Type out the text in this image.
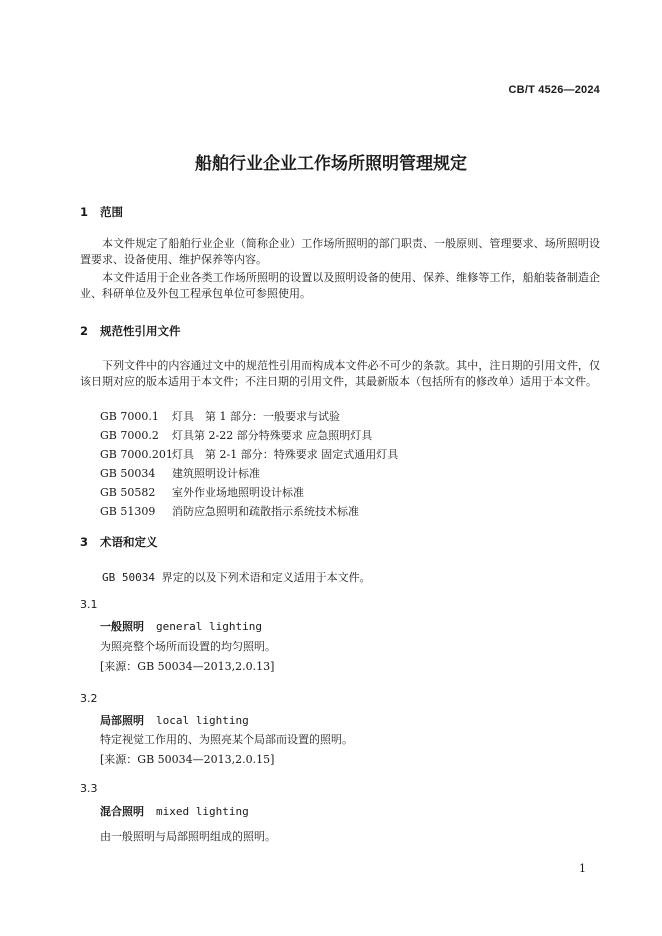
CB/T 4526—2024
船舶行业企业工作场所照明管理规定
1 范围
本文件规定了船舶行业企业（简称企业）工作场所照明的部门职责、一般原则、管理要求、场所照明设置要求、设备使用、维护保养等内容。
本文件适用于企业各类工作场所照明的设置以及照明设备的使用、保养、维修等工作，船舶装备制造企业、科研单位及外包工程承包单位可参照使用。
2 规范性引用文件
下列文件中的内容通过文中的规范性引用而构成本文件必不可少的条款。其中，注日期的引用文件，仅该日期对应的版本适用于本文件；不注日期的引用文件，其最新版本（包括所有的修改单）适用于本文件。
GB 7000.1 灯具　第 1 部分：一般要求与试验
GB 7000.2 灯具第 2-22 部分特殊要求 应急照明灯具
GB 7000.201灯具　第 2-1 部分：特殊要求 固定式通用灯具
GB 50034 建筑照明设计标准
GB 50582 室外作业场地照明设计标准
GB 51309 消防应急照明和疏散指示系统技术标准
3 术语和定义
GB 50034 界定的以及下列术语和定义适用于本文件。
3.1
一般照明 general lighting
为照亮整个场所而设置的均匀照明。
[来源：GB 50034—2013,2.0.13]
3.2
局部照明 local lighting
特定视觉工作用的、为照亮某个局部而设置的照明。
[来源：GB 50034—2013,2.0.15]
3.3
混合照明 mixed lighting
由一般照明与局部照明组成的照明。
1
